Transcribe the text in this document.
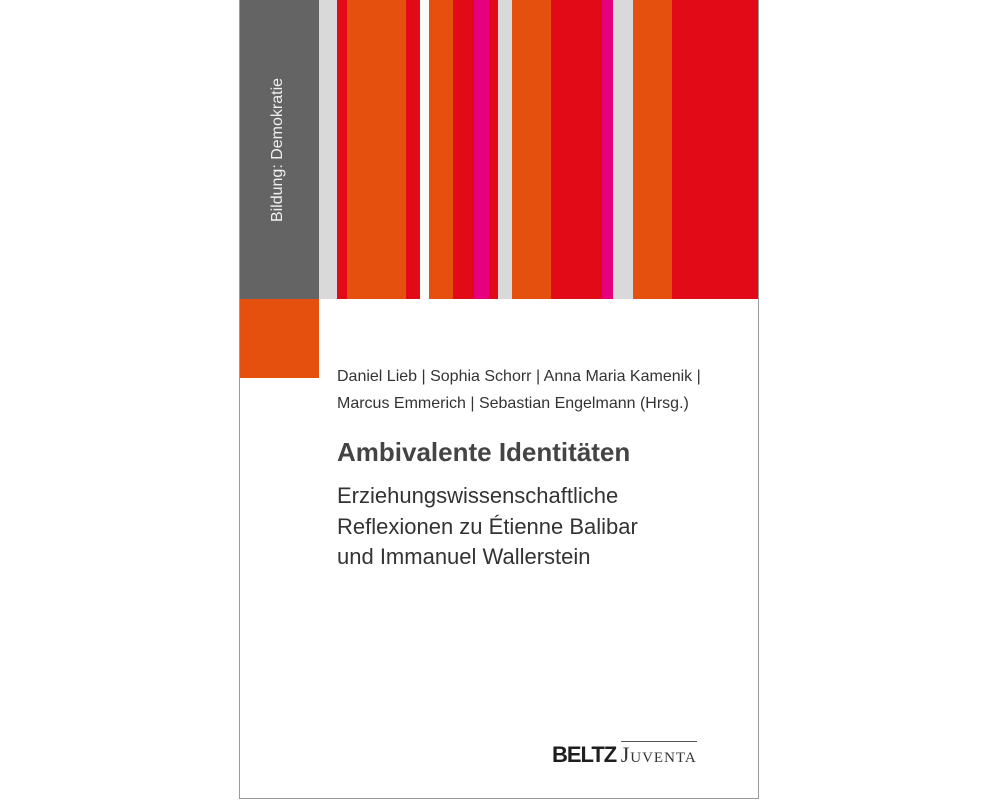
Bildung: Demokratie
Daniel Lieb | Sophia Schorr | Anna Maria Kamenik |
Marcus Emmerich | Sebastian Engelmann (Hrsg.)
Ambivalente Identitäten
Erziehungswissenschaftliche
Reflexionen zu Étienne Balibar
und Immanuel Wallerstein
BELTZ Juventa
